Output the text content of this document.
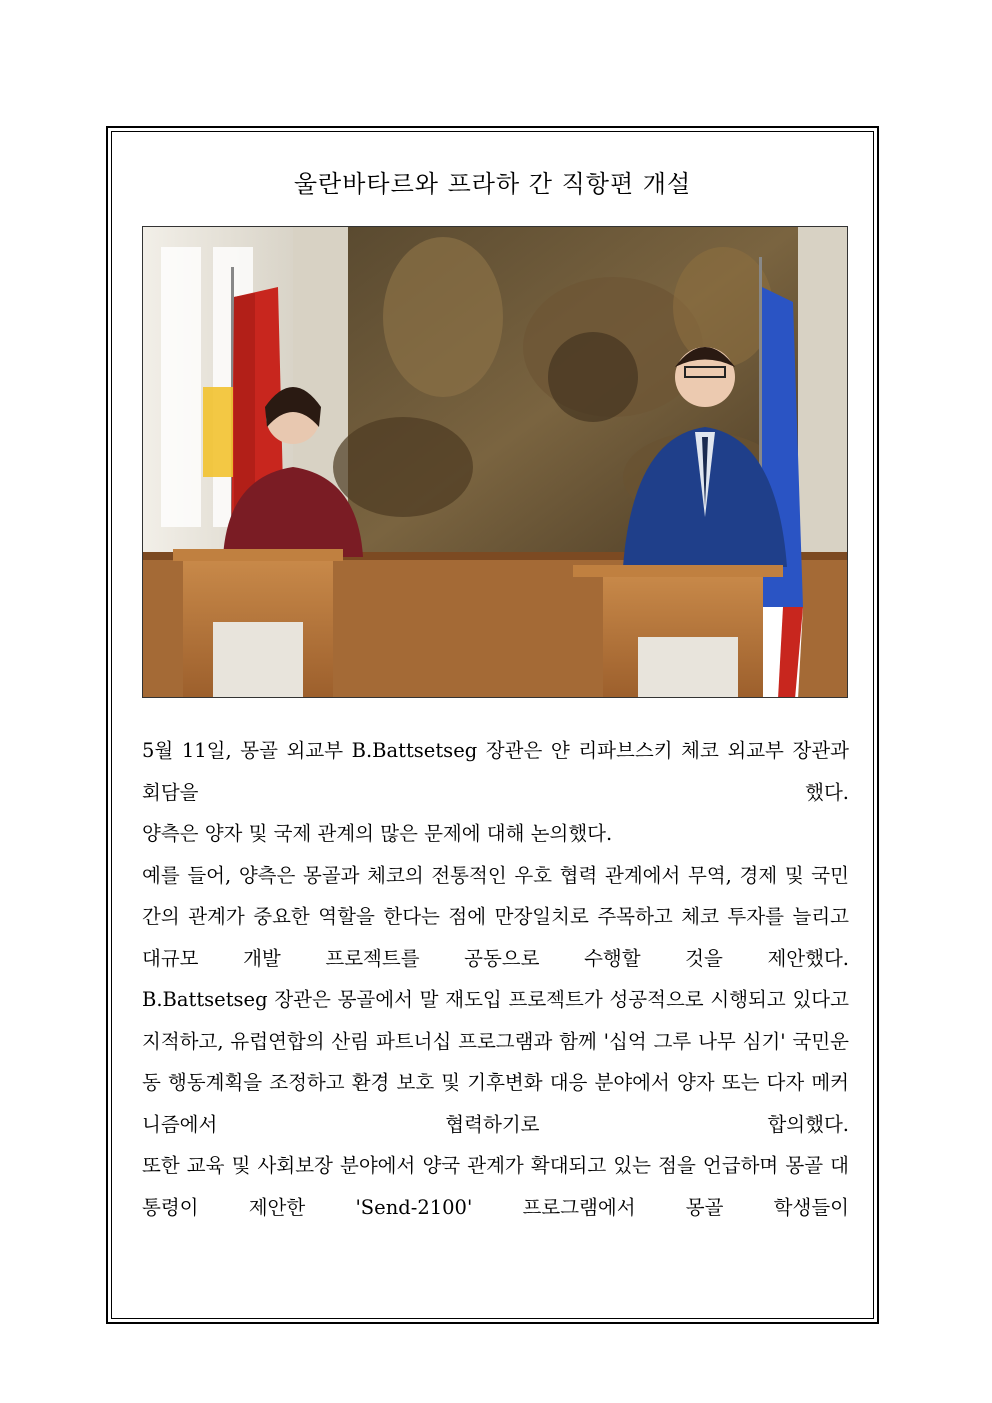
울란바타르와 프라하 간 직항편 개설

5월 11일, 몽골 외교부 B.Battsetseg 장관은 얀 리파브스키 체코 외교부 장관과 회담을 했다.

양측은 양자 및 국제 관계의 많은 문제에 대해 논의했다.

예를 들어, 양측은 몽골과 체코의 전통적인 우호 협력 관계에서 무역, 경제 및 국민 간의 관계가 중요한 역할을 한다는 점에 만장일치로 주목하고 체코 투자를 늘리고 대규모 개발 프로젝트를 공동으로 수행할 것을 제안했다.

B.Battsetseg 장관은 몽골에서 말 재도입 프로젝트가 성공적으로 시행되고 있다고 지적하고, 유럽연합의 산림 파트너십 프로그램과 함께 '십억 그루 나무 심기' 국민운동 행동계획을 조정하고 환경 보호 및 기후변화 대응 분야에서 양자 또는 다자 메커니즘에서 협력하기로 합의했다.

또한 교육 및 사회보장 분야에서 양국 관계가 확대되고 있는 점을 언급하며 몽골 대통령이 제안한 'Send-2100' 프로그램에서 몽골 학생들이
